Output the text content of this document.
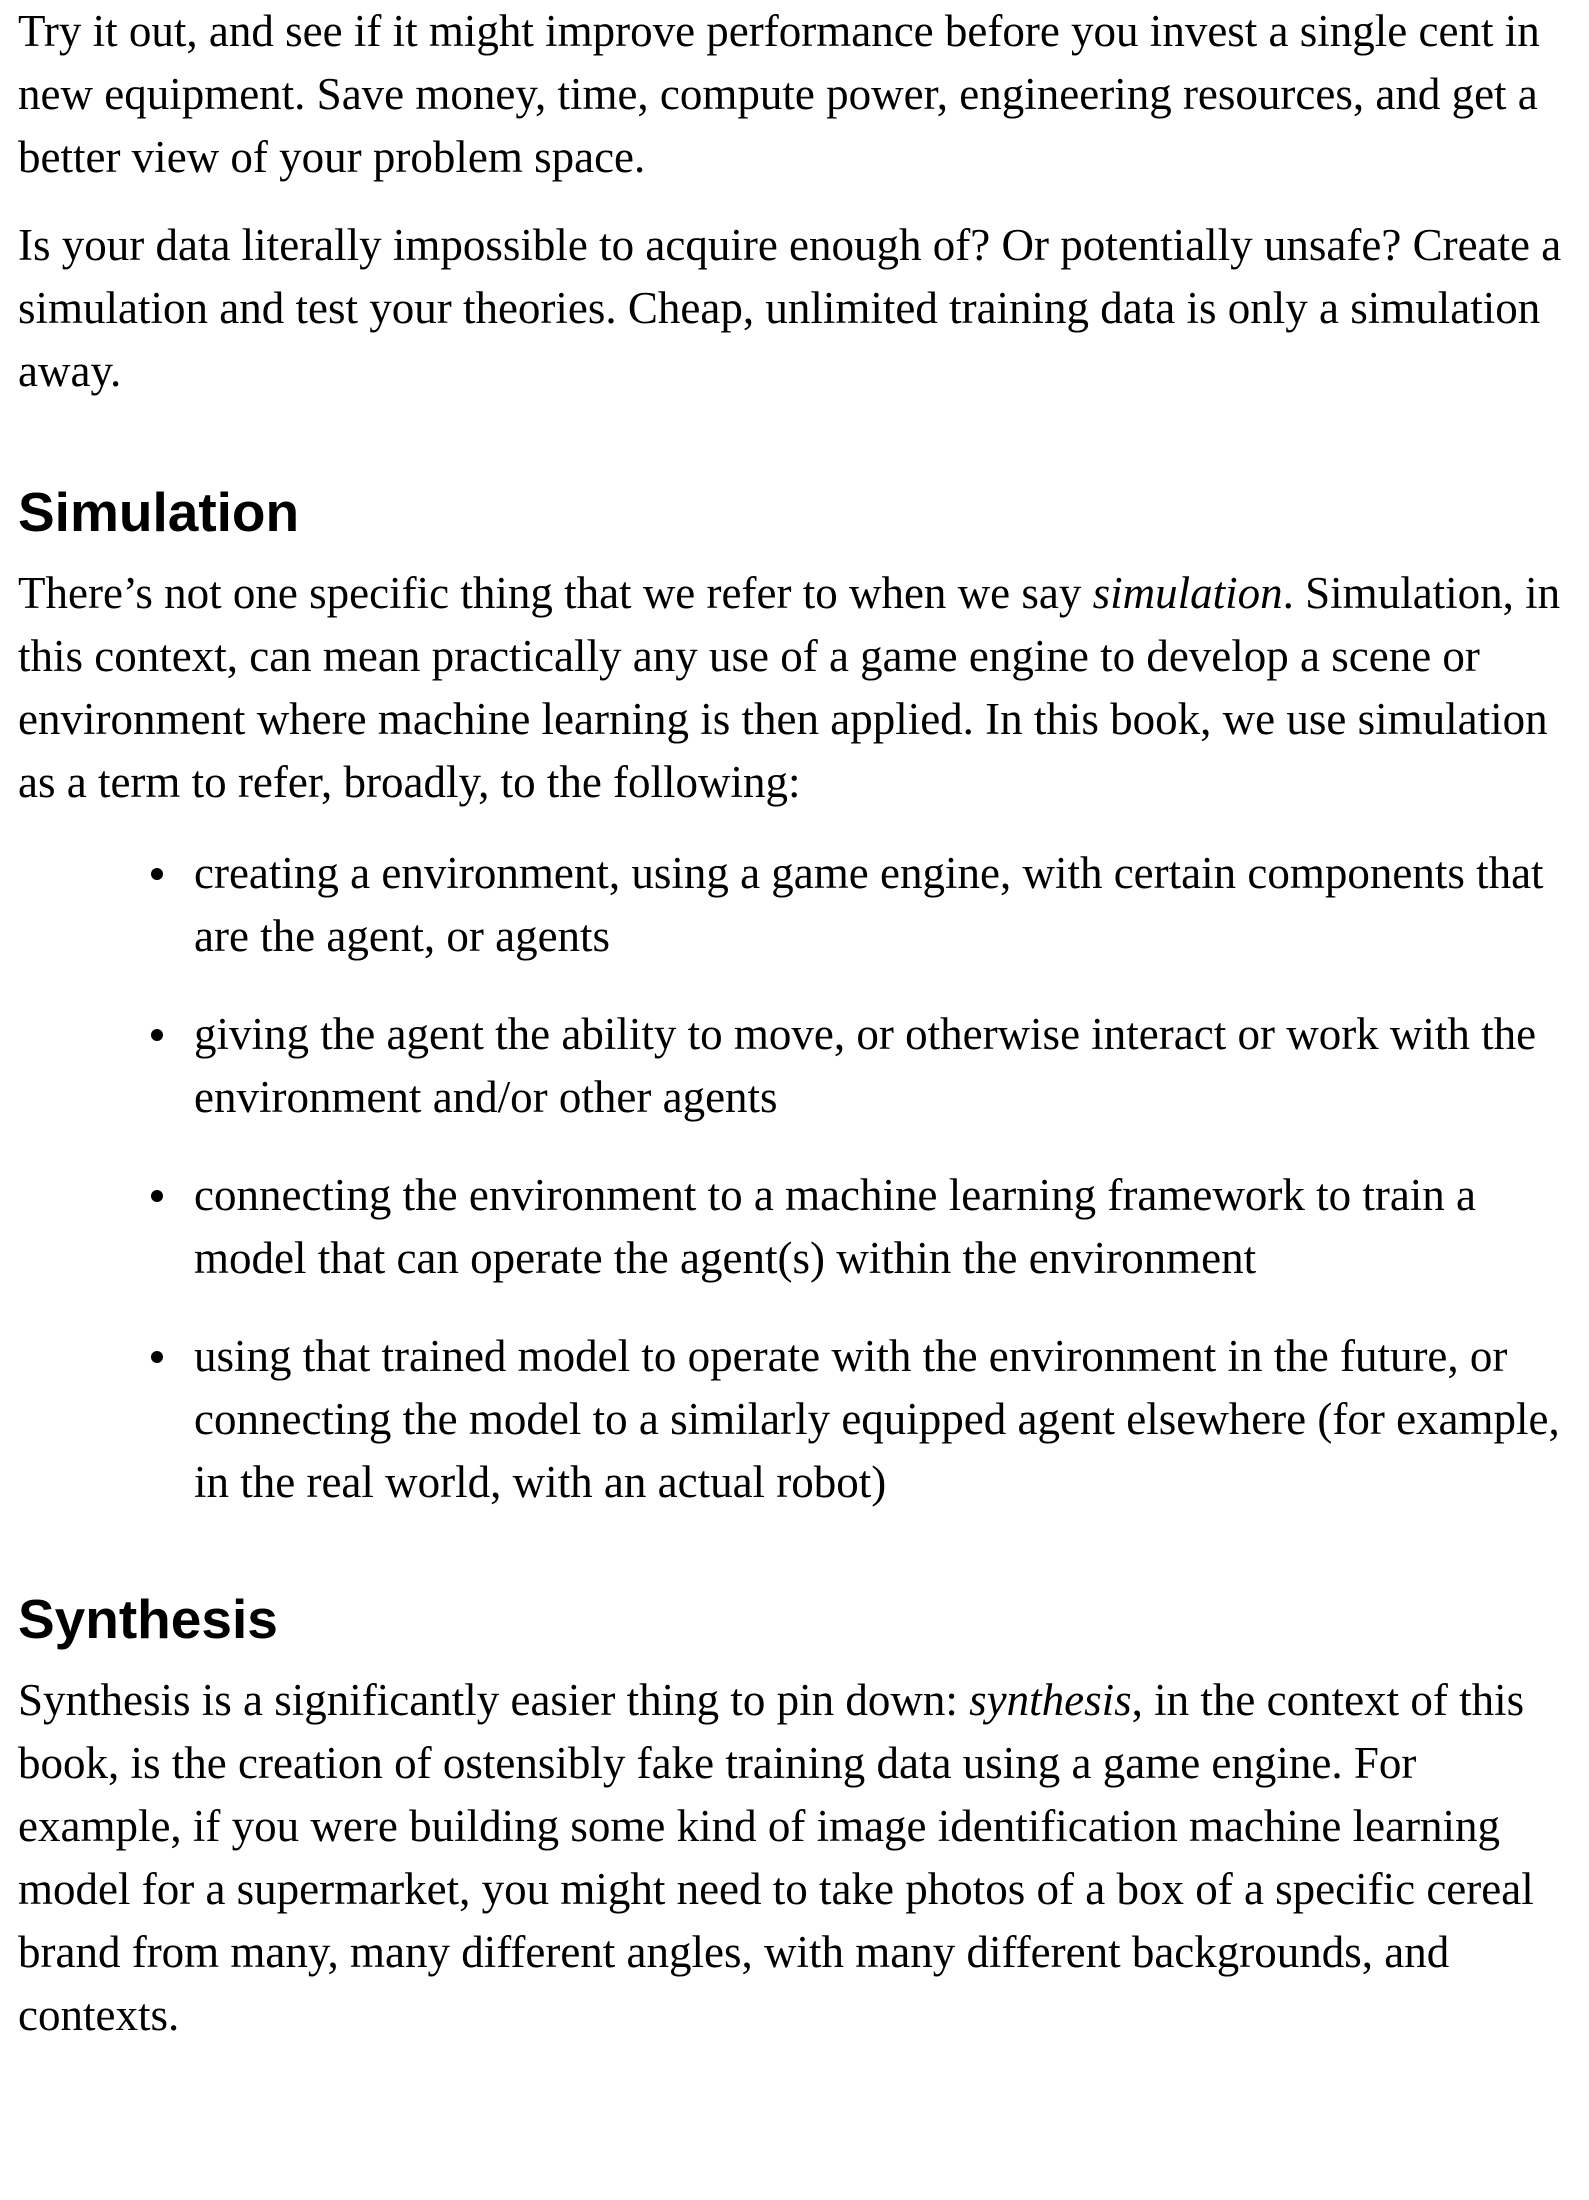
Try it out, and see if it might improve performance before you invest a single cent in new equipment. Save money, time, compute power, engineering resources, and get a better view of your problem space.

Is your data literally impossible to acquire enough of? Or potentially unsafe? Create a simulation and test your theories. Cheap, unlimited training data is only a simulation away.

Simulation

There’s not one specific thing that we refer to when we say simulation. Simulation, in this context, can mean practically any use of a game engine to develop a scene or environment where machine learning is then applied. In this book, we use simulation as a term to refer, broadly, to the following:

creating a environment, using a game engine, with certain components that are the agent, or agents
giving the agent the ability to move, or otherwise interact or work with the environment and/or other agents
connecting the environment to a machine learning framework to train a model that can operate the agent(s) within the environment
using that trained model to operate with the environment in the future, or connecting the model to a similarly equipped agent elsewhere (for example, in the real world, with an actual robot)
Synthesis

Synthesis is a significantly easier thing to pin down: synthesis, in the context of this book, is the creation of ostensibly fake training data using a game engine. For example, if you were building some kind of image identification machine learning model for a supermarket, you might need to take photos of a box of a specific cereal brand from many, many different angles, with many different backgrounds, and contexts.
